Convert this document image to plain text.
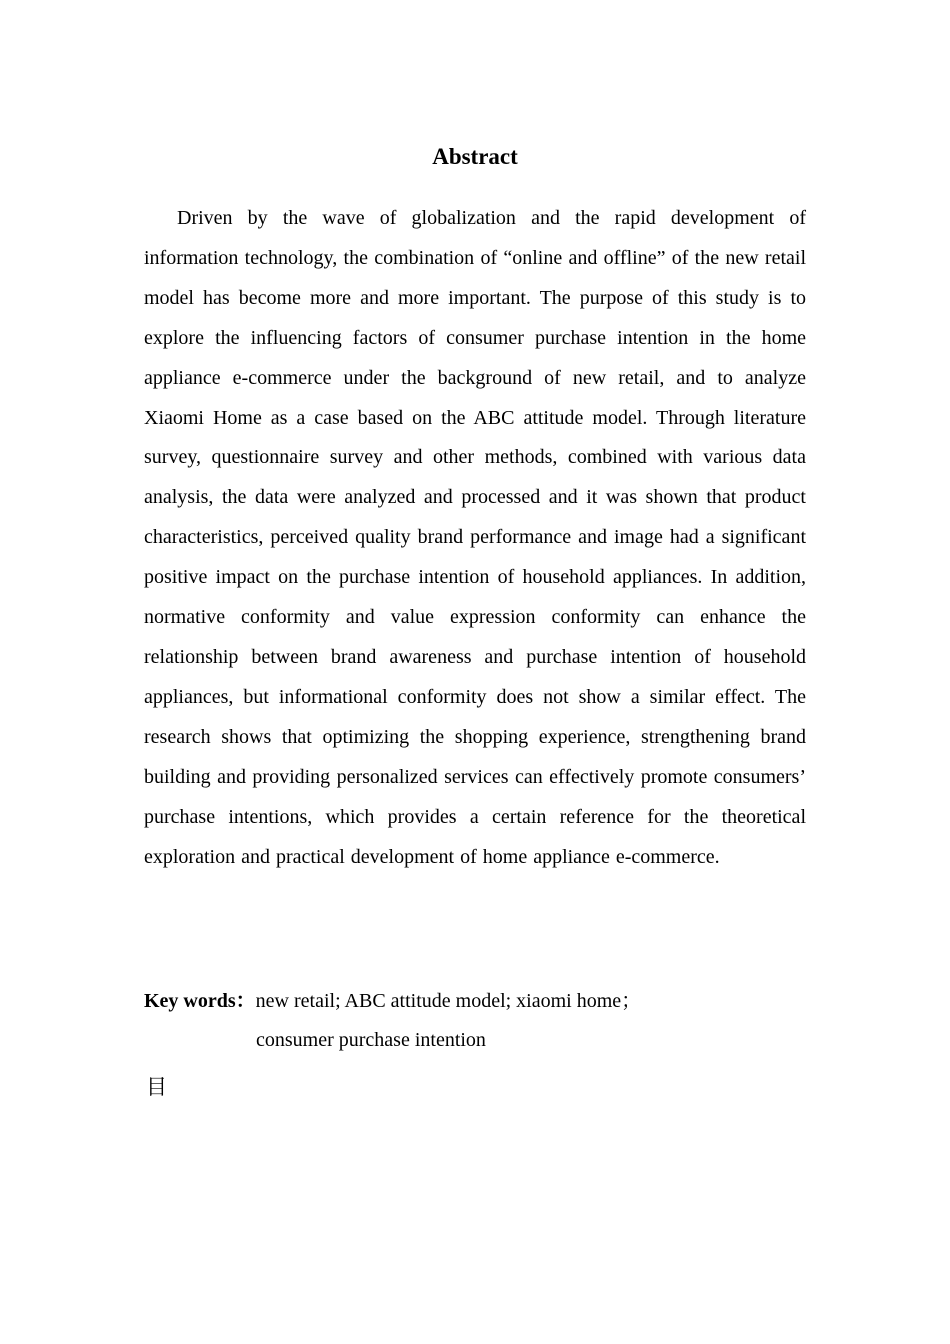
Abstract

Driven by the wave of globalization and the rapid development of information technology, the combination of “online and offline” of the new retail model has become more and more important. The purpose of this study is to explore the influencing factors of consumer purchase intention in the home appliance e-commerce under the background of new retail, and to analyze Xiaomi Home as a case based on the ABC attitude model. Through literature survey, questionnaire survey and other methods, combined with various data analysis, the data were analyzed and processed and it was shown that product characteristics, perceived quality brand performance and image had a significant positive impact on the purchase intention of household appliances. In addition, normative conformity and value expression conformity can enhance the relationship between brand awareness and purchase intention of household appliances, but informational conformity does not show a similar effect. The research shows that optimizing the shopping experience, strengthening brand building and providing personalized services can effectively promote consumers’ purchase intentions, which provides a certain reference for the theoretical exploration and practical development of home appliance e-commerce.

Key words：new retail; ABC attitude model; xiaomi home；
consumer purchase intention
目
